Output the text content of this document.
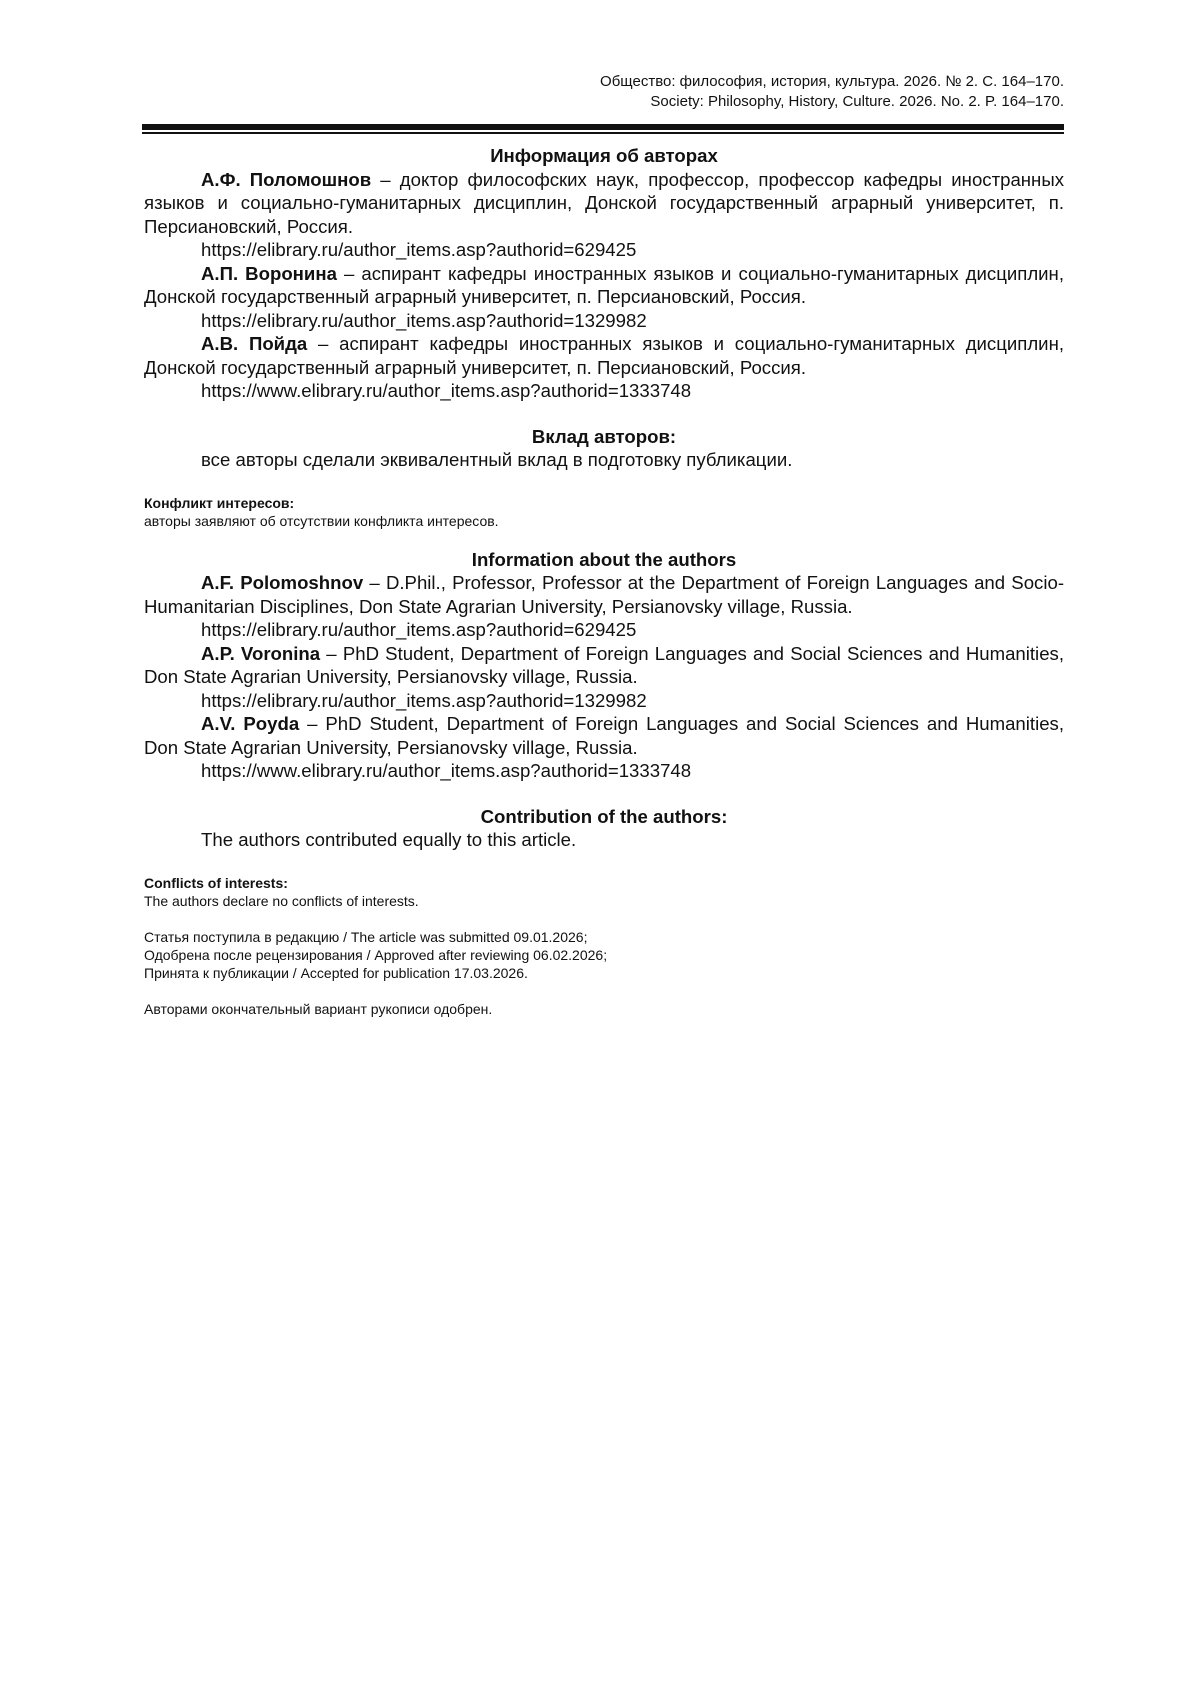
Общество: философия, история, культура. 2026. № 2. С. 164–170.
Society: Philosophy, History, Culture. 2026. No. 2. P. 164–170.

Информация об авторах

А.Ф. Поломошнов – доктор философских наук, профессор, профессор кафедры иностранных языков и социально-гуманитарных дисциплин, Донской государственный аграрный университет, п. Персиановский, Россия.

https://elibrary.ru/author_items.asp?authorid=629425

А.П. Воронина – аспирант кафедры иностранных языков и социально-гуманитарных дисциплин, Донской государственный аграрный университет, п. Персиановский, Россия.

https://elibrary.ru/author_items.asp?authorid=1329982

А.В. Пойда – аспирант кафедры иностранных языков и социально-гуманитарных дисциплин, Донской государственный аграрный университет, п. Персиановский, Россия.

https://www.elibrary.ru/author_items.asp?authorid=1333748

Вклад авторов:

все авторы сделали эквивалентный вклад в подготовку публикации.

Конфликт интересов:

авторы заявляют об отсутствии конфликта интересов.

Information about the authors

A.F. Polomoshnov – D.Phil., Professor, Professor at the Department of Foreign Languages and Socio-Humanitarian Disciplines, Don State Agrarian University, Persianovsky village, Russia.

https://elibrary.ru/author_items.asp?authorid=629425

A.P. Voronina – PhD Student, Department of Foreign Languages and Social Sciences and Humanities, Don State Agrarian University, Persianovsky village, Russia.

https://elibrary.ru/author_items.asp?authorid=1329982

A.V. Poyda – PhD Student, Department of Foreign Languages and Social Sciences and Humanities, Don State Agrarian University, Persianovsky village, Russia.

https://www.elibrary.ru/author_items.asp?authorid=1333748

Contribution of the authors:

The authors contributed equally to this article.

Conflicts of interests:

The authors declare no conflicts of interests.

Статья поступила в редакцию / The article was submitted 09.01.2026;

Одобрена после рецензирования / Approved after reviewing 06.02.2026;

Принята к публикации / Accepted for publication 17.03.2026.

Авторами окончательный вариант рукописи одобрен.
